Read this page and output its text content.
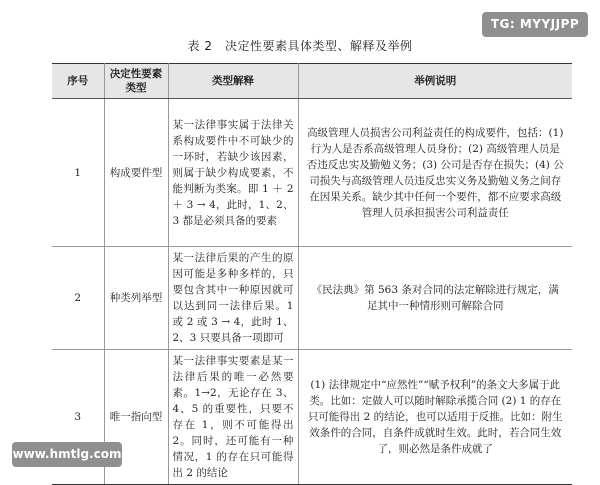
TG: MYYJJPP
表 2　决定性要素具体类型、解释及举例
序号	决定性要素类型	类型解释	举例说明
1	构成要件型	某一法律事实属于法律关系构成要件中不可缺少的一环时，若缺少该因素，则属于缺少构成要素，不能判断为类案。即 1 ＋ 2 ＋ 3 → 4，此时，1、2、3 都是必须具备的要素	高级管理人员损害公司利益责任的构成要件，包括：(1) 行为人是否系高级管理人员身份；(2) 高级管理人员是否违反忠实及勤勉义务；(3) 公司是否存在损失；(4) 公司损失与高级管理人员违反忠实义务及勤勉义务之间存在因果关系。缺少其中任何一个要件，都不应要求高级管理人员承担损害公司利益责任
2	种类列举型	某一法律后果的产生的原因可能是多种多样的，只要包含其中一种原因就可以达到同一法律后果。1 或 2 或 3 → 4，此时 1、2、3 只要具备一项即可	《民法典》第 563 条对合同的法定解除进行规定，满足其中一种情形则可解除合同
3	唯一指向型	某一法律事实要素是某一法律后果的唯一必然要素。1→2，无论存在 3、4、5 的重要性，只要不存在 1，则不可能得出 2。同时，还可能有一种情况，1 的存在只可能得出 2 的结论	(1) 法律规定中“应然性”“赋予权利”的条文大多属于此类。比如：定做人可以随时解除承揽合同 (2) 1 的存在只可能得出 2 的结论，也可以适用于反推。比如：附生效条件的合同，自条件成就时生效。此时，若合同生效了，则必然是条件成就了
www.hmtlg.com
